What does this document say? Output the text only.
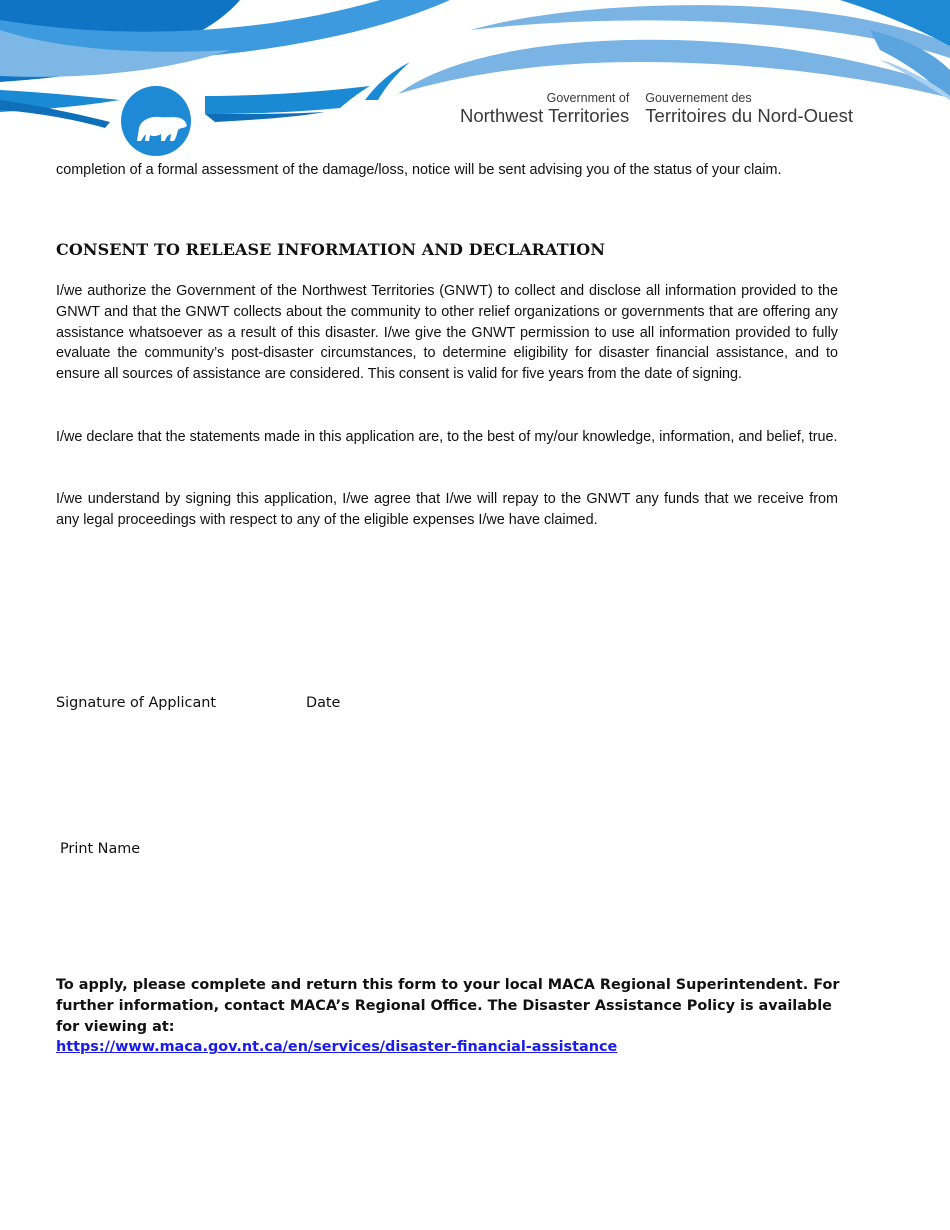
Government of
Northwest Territories
Gouvernement des
Territoires du Nord-Ouest

completion of a formal assessment of the damage/loss, notice will be sent advising you of the status of your claim.

CONSENT TO RELEASE INFORMATION AND DECLARATION

I/we authorize the Government of the Northwest Territories (GNWT) to collect and disclose all information provided to the GNWT and that the GNWT collects about the community to other relief organizations or governments that are offering any assistance whatsoever as a result of this disaster. I/we give the GNWT permission to use all information provided to fully evaluate the community’s post-disaster circumstances, to determine eligibility for disaster financial assistance, and to ensure all sources of assistance are considered. This consent is valid for five years from the date of signing.

I/we declare that the statements made in this application are, to the best of my/our knowledge, information, and belief, true.

I/we understand by signing this application, I/we agree that I/we will repay to the GNWT any funds that we receive from any legal proceedings with respect to any of the eligible expenses I/we have claimed.

Signature of Applicant	Date
Print Name
To apply, please complete and return this form to your local MACA Regional Superintendent. For further information, contact MACA’s Regional Office. The Disaster Assistance Policy is available for viewing at:
https://www.maca.gov.nt.ca/en/services/disaster-financial-assistance
